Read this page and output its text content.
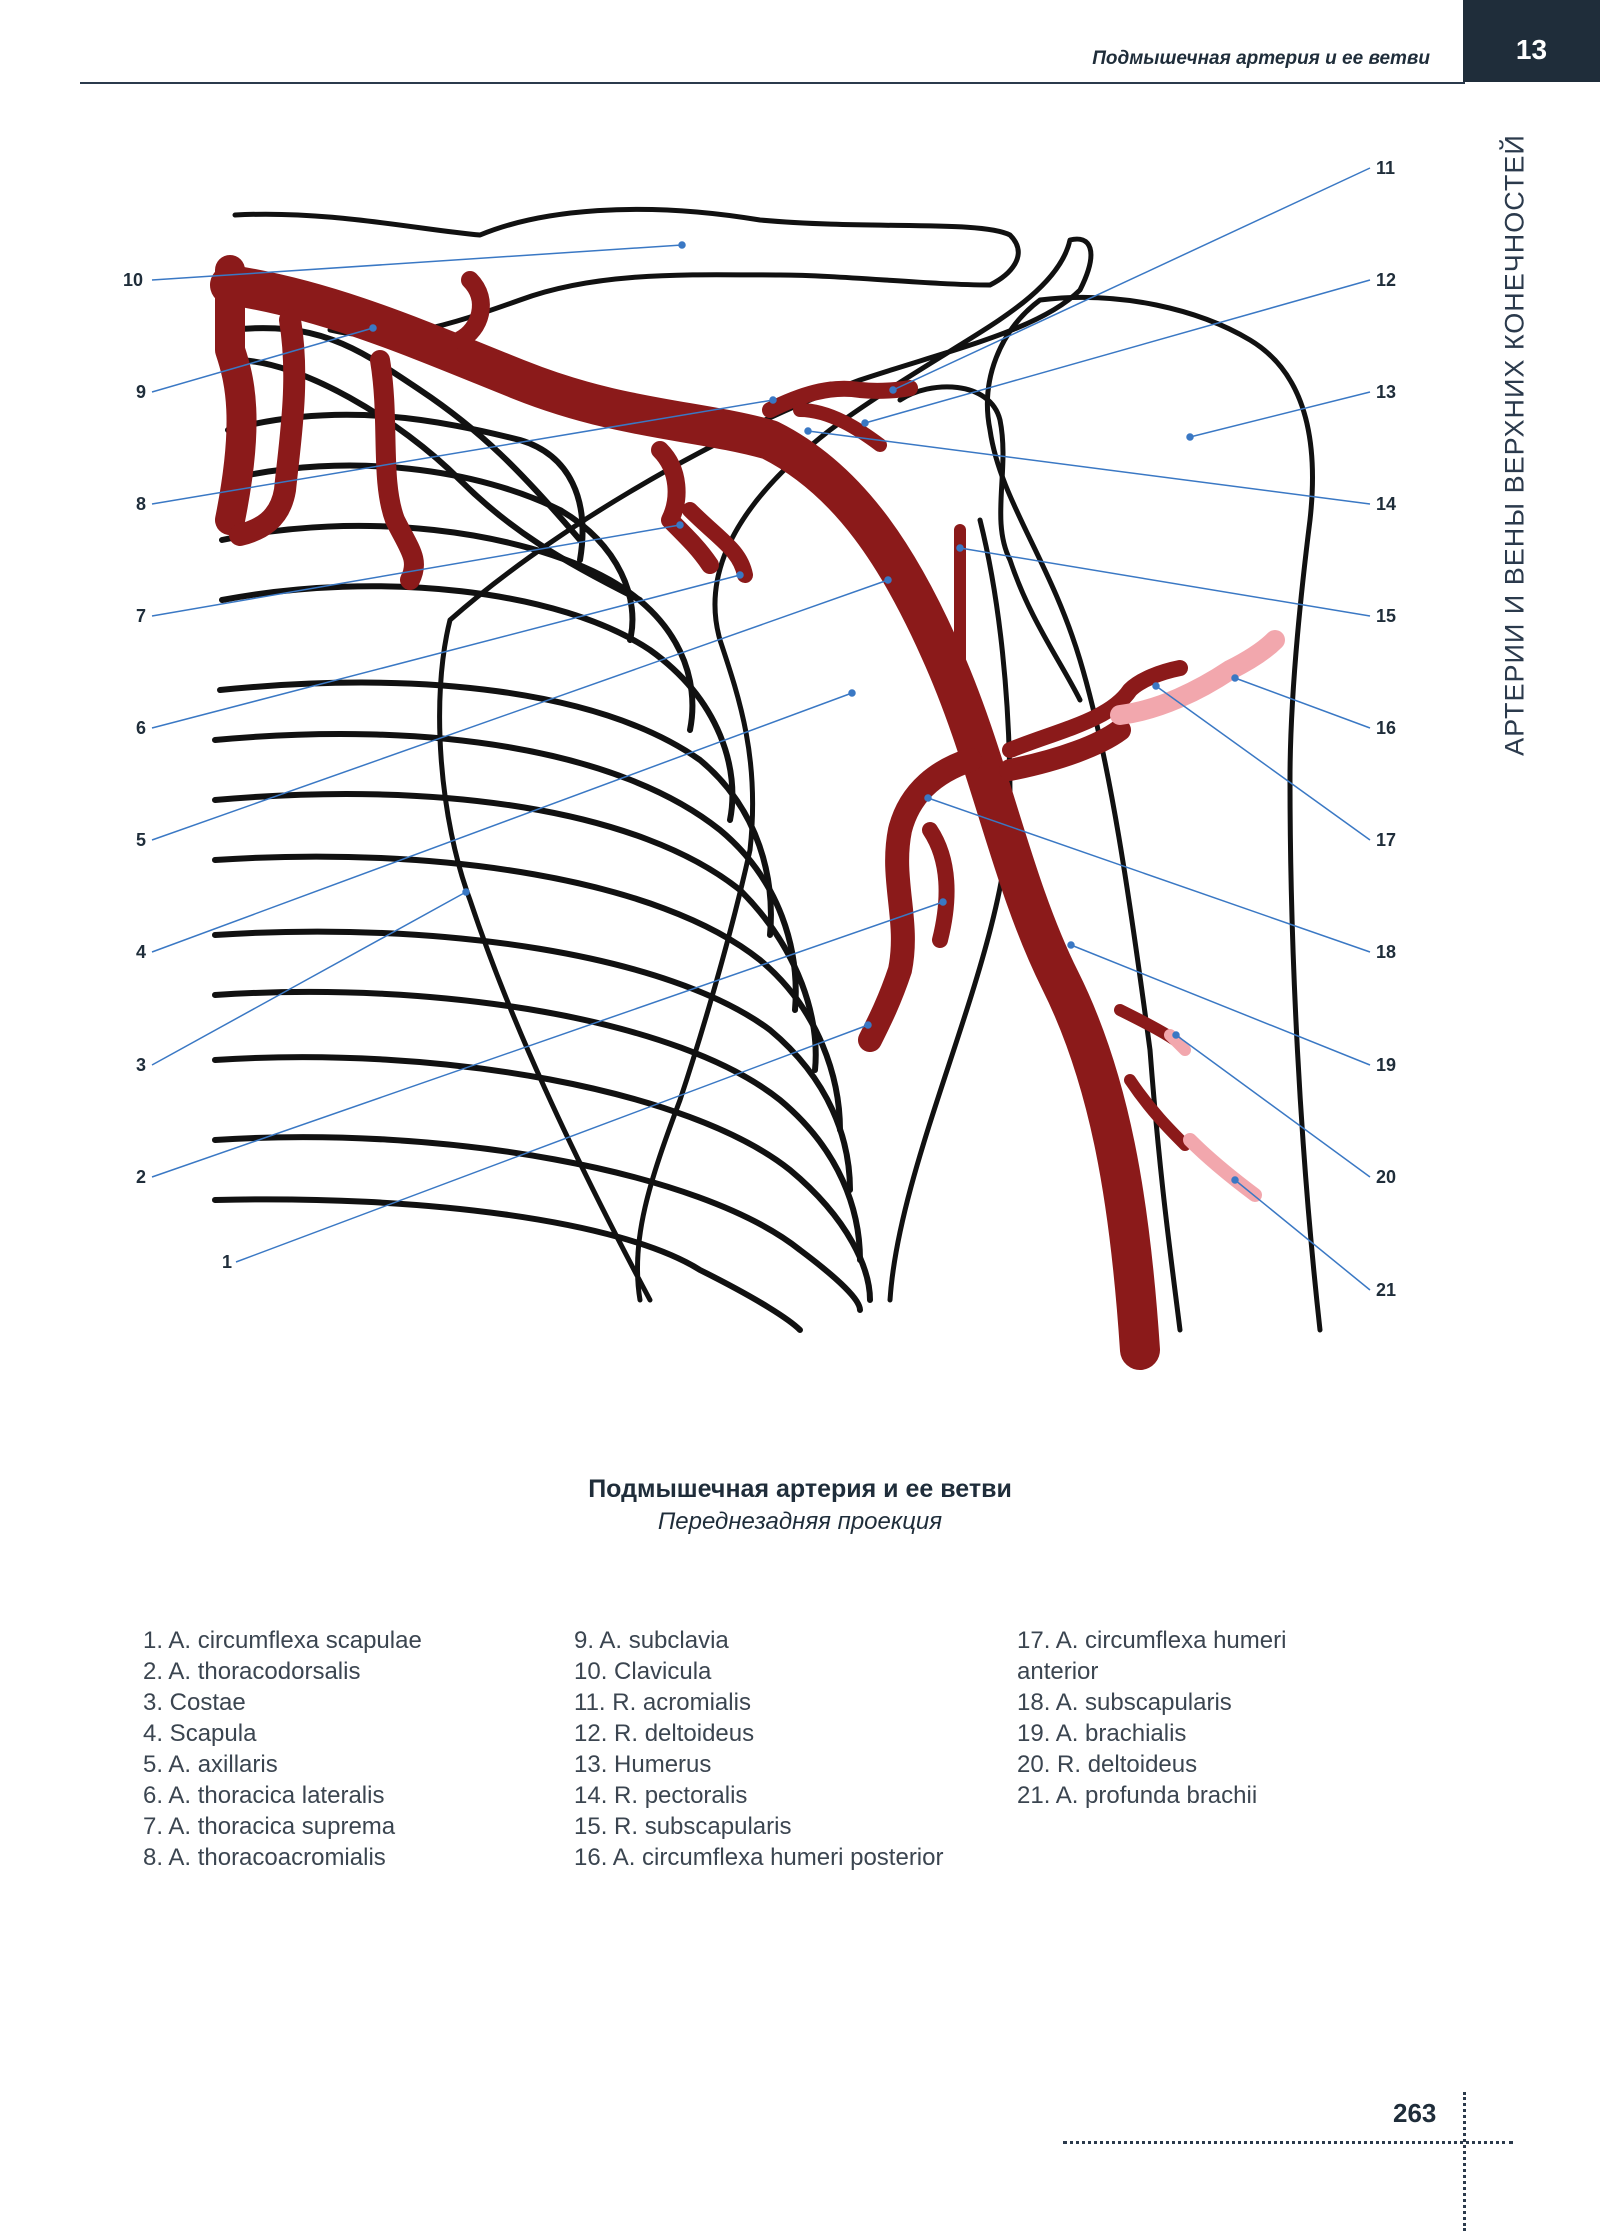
Подмышечная артерия и ее ветви	13
АРТЕРИИ И ВЕНЫ ВЕРХНИХ КОНЕЧНОСТЕЙ
10
9
8
7
6
5
4
3
2
1
11
12
13
14
15
16
17
18
19
20
21
Подмышечная артерия и ее ветви
Переднезадняя проекция
1. A. circumflexa scapulae
2. A. thoracodorsalis
3. Costae
4. Scapula
5. A. axillaris
6. A. thoracica lateralis
7. A. thoracica suprema
8. A. thoracoacromialis
9. A. subclavia
10. Clavicula
11. R. acromialis
12. R. deltoideus
13. Humerus
14. R. pectoralis
15. R. subscapularis
16. A. circumflexa humeri posterior
17. A. circumflexa humeri anterior
18. A. subscapularis
19. A. brachialis
20. R. deltoideus
21. A. profunda brachii
263
